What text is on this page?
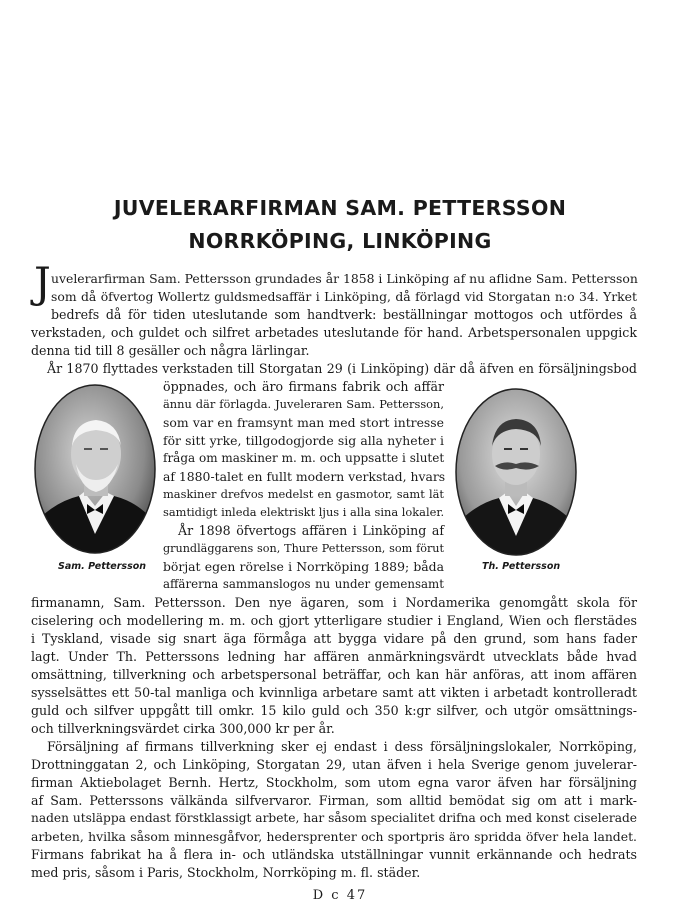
JUVELERARFIRMAN SAM. PETTERSSON
NORRKÖPING, LINKÖPING
J
Sam. Pettersson	Th. Pettersson

uvelerarfirman Sam. Pettersson grundades år 1858 i Linköping af nu aflidne Sam. Pettersson

som då öfvertog Wollertz guldsmedsaffär i Linköping, då förlagd vid Storgatan n:o 34. Yrket

bedrefs då för tiden uteslutande som handtverk: beställningar mottogos och utfördes å

verkstaden, och guldet och silfret arbetades uteslutande för hand. Arbetspersonalen uppgick

denna tid till 8 gesäller och några lärlingar.

År 1870 flyttades verkstaden till Storgatan 29 (i Linköping) där då äfven en försäljningsbod

öppnades, och äro firmans fabrik och affär

ännu där förlagda. Juveleraren Sam. Pettersson,

som var en framsynt man med stort intresse

för sitt yrke, tillgodogjorde sig alla nyheter i

fråga om maskiner m. m. och uppsatte i slutet

af 1880-talet en fullt modern verkstad, hvars

maskiner drefvos medelst en gasmotor, samt lät

samtidigt inleda elektriskt ljus i alla sina lokaler.

År 1898 öfvertogs affären i Linköping af

grundläggarens son, Thure Pettersson, som förut

börjat egen rörelse i Norrköping 1889; båda

affärerna sammanslogos nu under gemensamt

firmanamn, Sam. Pettersson. Den nye ägaren, som i Nordamerika genomgått skola för

ciselering och modellering m. m. och gjort ytterligare studier i England, Wien och flerstädes

i Tyskland, visade sig snart äga förmåga att bygga vidare på den grund, som hans fader

lagt. Under Th. Petterssons ledning har affären anmärkningsvärdt utvecklats både hvad

omsättning, tillverkning och arbetspersonal beträffar, och kan här anföras, att inom affären

sysselsättes ett 50-tal manliga och kvinnliga arbetare samt att vikten i arbetadt kontrolleradt

guld och silfver uppgått till omkr. 15 kilo guld och 350 k:gr silfver, och utgör omsättnings-

och tillverkningsvärdet cirka 300,000 kr per år.

Försäljning af firmans tillverkning sker ej endast i dess försäljningslokaler, Norrköping,

Drottninggatan 2, och Linköping, Storgatan 29, utan äfven i hela Sverige genom juvelerar-

firman Aktiebolaget Bernh. Hertz, Stockholm, som utom egna varor äfven har försäljning

af Sam. Petterssons välkända silfvervaror. Firman, som alltid bemödat sig om att i mark-

naden utsläppa endast förstklassigt arbete, har såsom specialitet drifna och med konst ciselerade

arbeten, hvilka såsom minnesgåfvor, hedersprenter och sportpris äro spridda öfver hela landet.

Firmans fabrikat ha å flera in- och utländska utställningar vunnit erkännande och hedrats

med pris, såsom i Paris, Stockholm, Norrköping m. fl. städer.

D c 47
